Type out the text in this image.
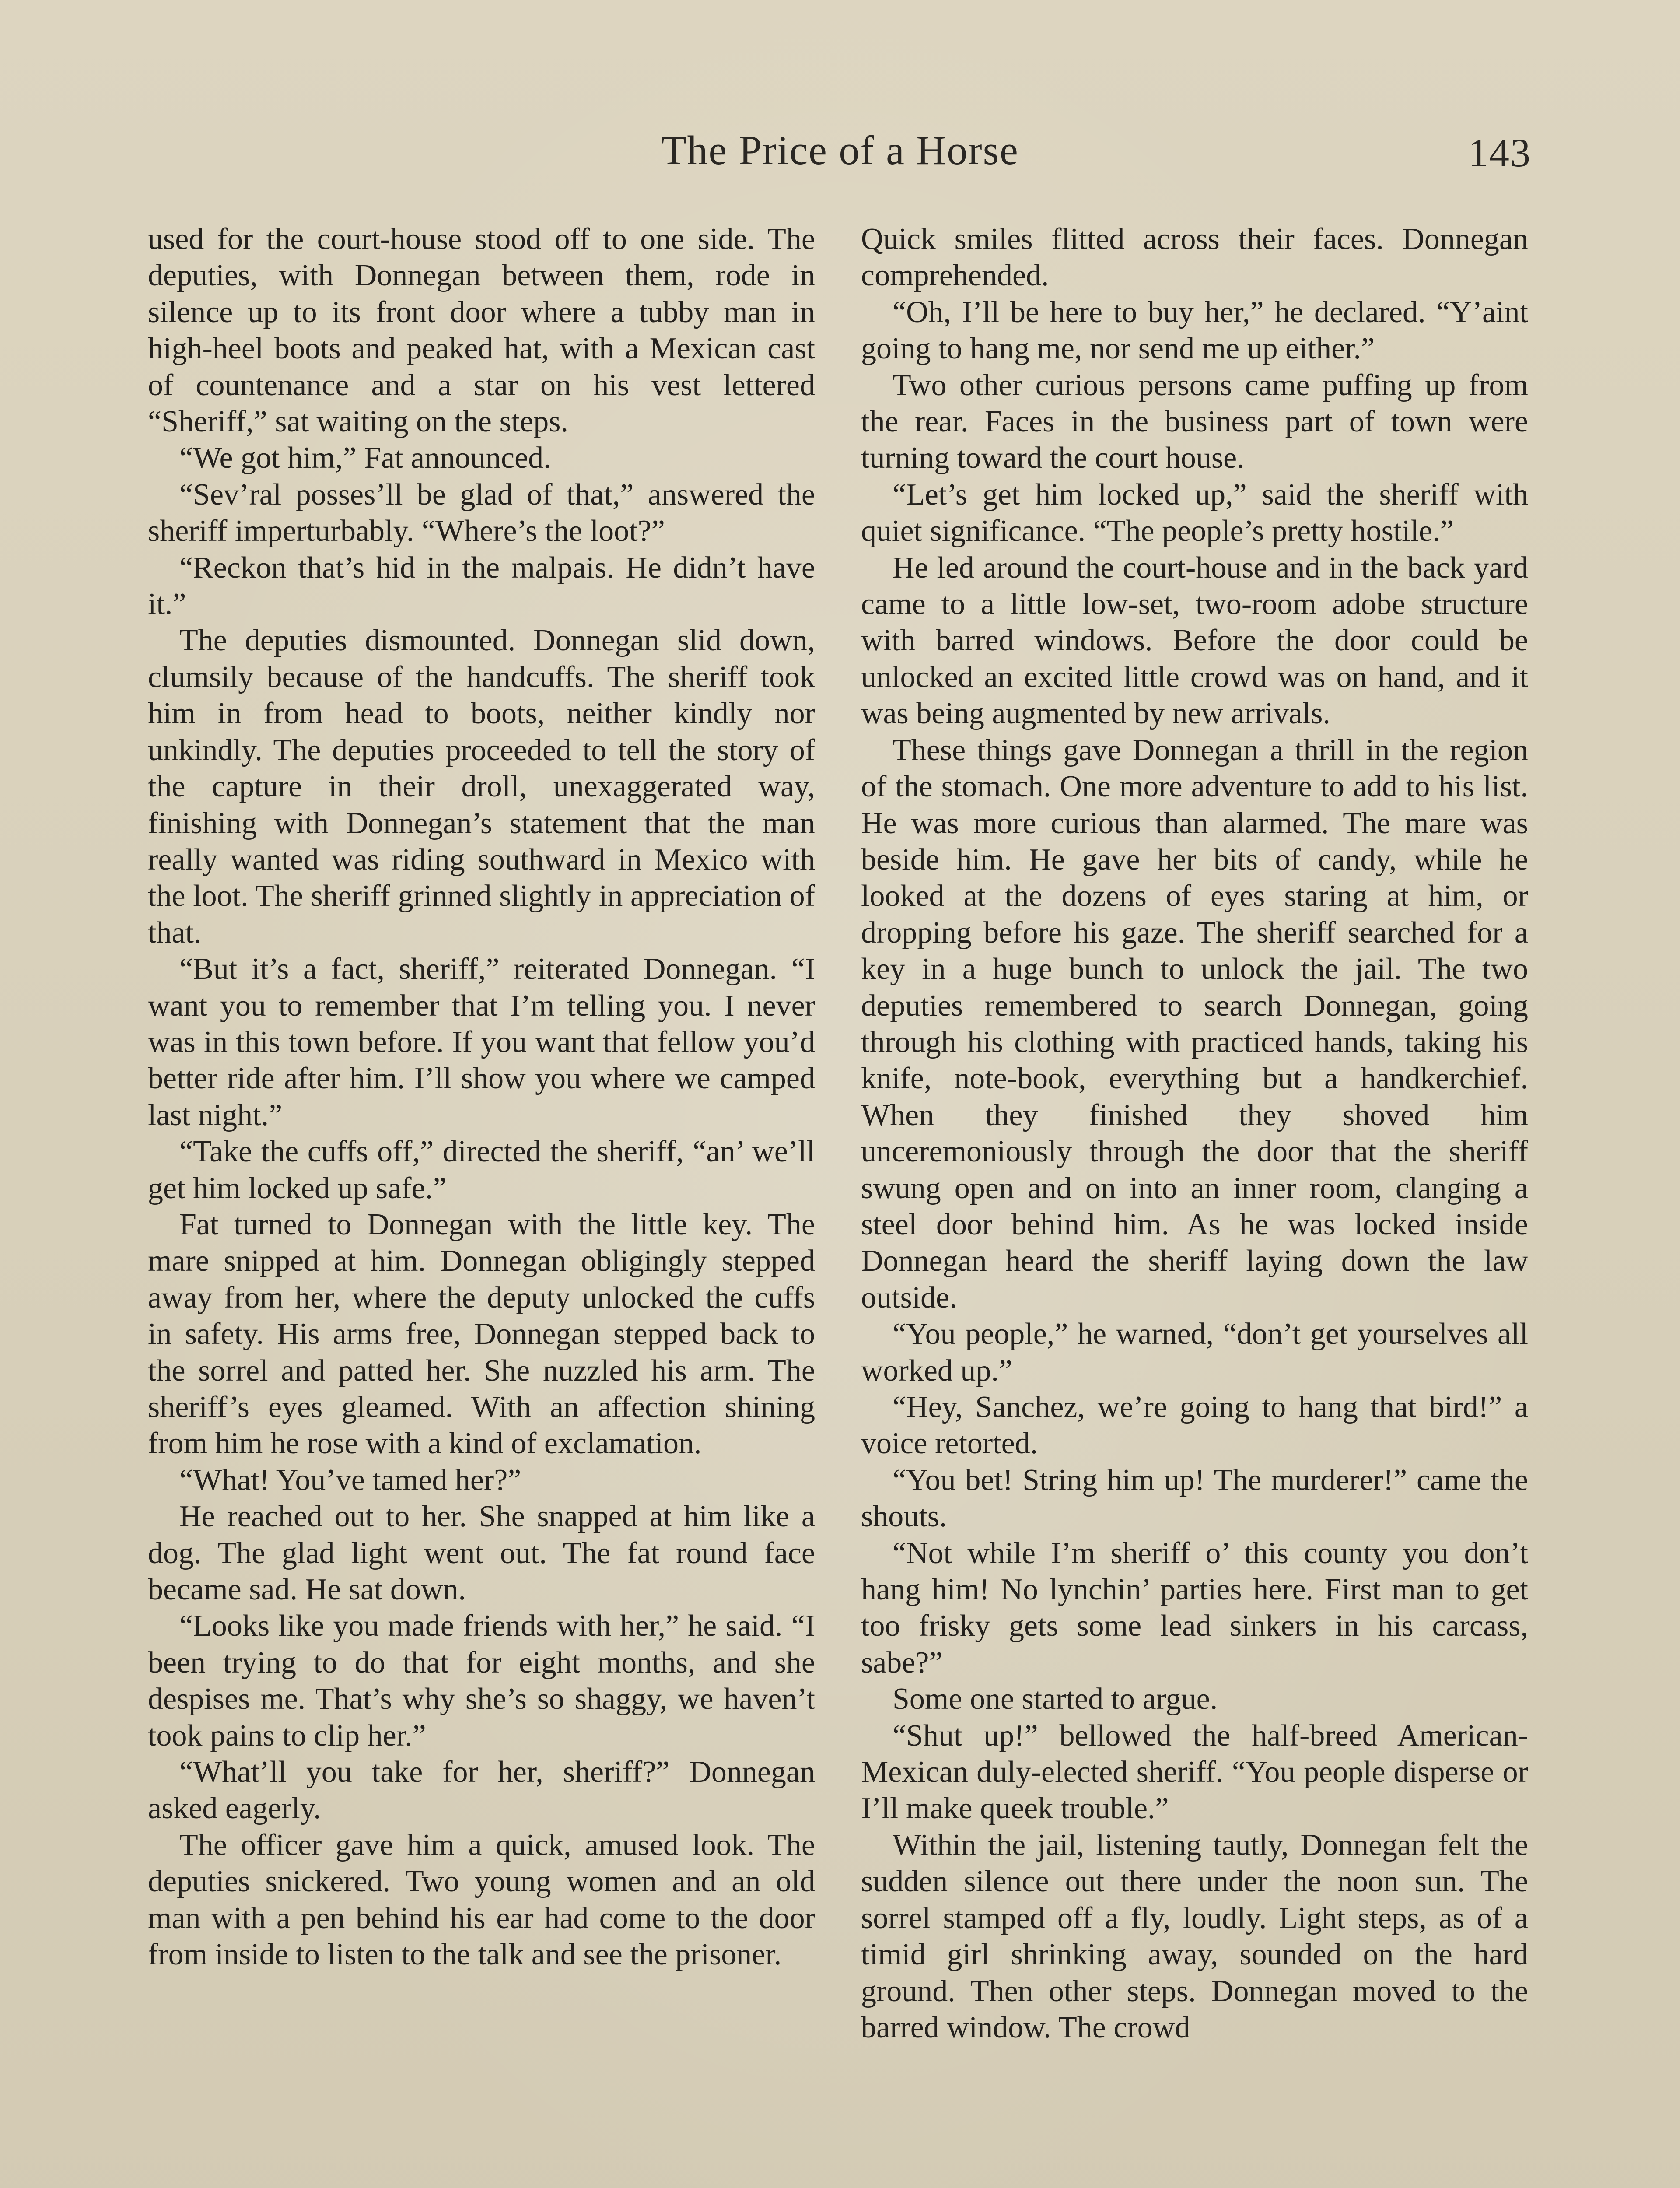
The Price of a Horse	143

used for the court-house stood off to one side. The deputies, with Donnegan between them, rode in silence up to its front door where a tubby man in high-heel boots and peaked hat, with a Mexican cast of countenance and a star on his vest lettered “Sheriff,” sat waiting on the steps.

“We got him,” Fat announced.

“Sev’ral posses’ll be glad of that,” answered the sheriff imperturbably. “Where’s the loot?”

“Reckon that’s hid in the malpais. He didn’t have it.”

The deputies dismounted. Donnegan slid down, clumsily because of the handcuffs. The sheriff took him in from head to boots, neither kindly nor unkindly. The deputies proceeded to tell the story of the capture in their droll, unexaggerated way, finishing with Donnegan’s statement that the man really wanted was riding southward in Mexico with the loot. The sheriff grinned slightly in appreciation of that.

“But it’s a fact, sheriff,” reiterated Donnegan. “I want you to remember that I’m telling you. I never was in this town before. If you want that fellow you’d better ride after him. I’ll show you where we camped last night.”

“Take the cuffs off,” directed the sheriff, “an’ we’ll get him locked up safe.”

Fat turned to Donnegan with the little key. The mare snipped at him. Donnegan obligingly stepped away from her, where the deputy unlocked the cuffs in safety. His arms free, Donnegan stepped back to the sorrel and patted her. She nuzzled his arm. The sheriff’s eyes gleamed. With an affection shining from him he rose with a kind of exclamation.

“What! You’ve tamed her?”

He reached out to her. She snapped at him like a dog. The glad light went out. The fat round face became sad. He sat down.

“Looks like you made friends with her,” he said. “I been trying to do that for eight months, and she despises me. That’s why she’s so shaggy, we haven’t took pains to clip her.”

“What’ll you take for her, sheriff?” Donnegan asked eagerly.

The officer gave him a quick, amused look. The deputies snickered. Two young women and an old man with a pen behind his ear had come to the door from inside to listen to the talk and see the prisoner.

Quick smiles flitted across their faces. Donnegan comprehended.

“Oh, I’ll be here to buy her,” he declared. “Y’aint going to hang me, nor send me up either.”

Two other curious persons came puffing up from the rear. Faces in the business part of town were turning toward the court house.

“Let’s get him locked up,” said the sheriff with quiet significance. “The people’s pretty hostile.”

He led around the court-house and in the back yard came to a little low-set, two-room adobe structure with barred windows. Before the door could be unlocked an excited little crowd was on hand, and it was being augmented by new arrivals.

These things gave Donnegan a thrill in the region of the stomach. One more adventure to add to his list. He was more curious than alarmed. The mare was beside him. He gave her bits of candy, while he looked at the dozens of eyes staring at him, or dropping before his gaze. The sheriff searched for a key in a huge bunch to unlock the jail. The two deputies remembered to search Donnegan, going through his clothing with practiced hands, taking his knife, note-book, everything but a handkerchief. When they finished they shoved him unceremoniously through the door that the sheriff swung open and on into an inner room, clanging a steel door behind him. As he was locked inside Donnegan heard the sheriff laying down the law outside.

“You people,” he warned, “don’t get yourselves all worked up.”

“Hey, Sanchez, we’re going to hang that bird!” a voice retorted.

“You bet! String him up! The murderer!” came the shouts.

“Not while I’m sheriff o’ this county you don’t hang him! No lynchin’ parties here. First man to get too frisky gets some lead sinkers in his carcass, sabe?”

Some one started to argue.

“Shut up!” bellowed the half-breed American-Mexican duly-elected sheriff. “You people disperse or I’ll make queek trouble.”

Within the jail, listening tautly, Donnegan felt the sudden silence out there under the noon sun. The sorrel stamped off a fly, loudly. Light steps, as of a timid girl shrinking away, sounded on the hard ground. Then other steps. Donnegan moved to the barred window. The crowd
